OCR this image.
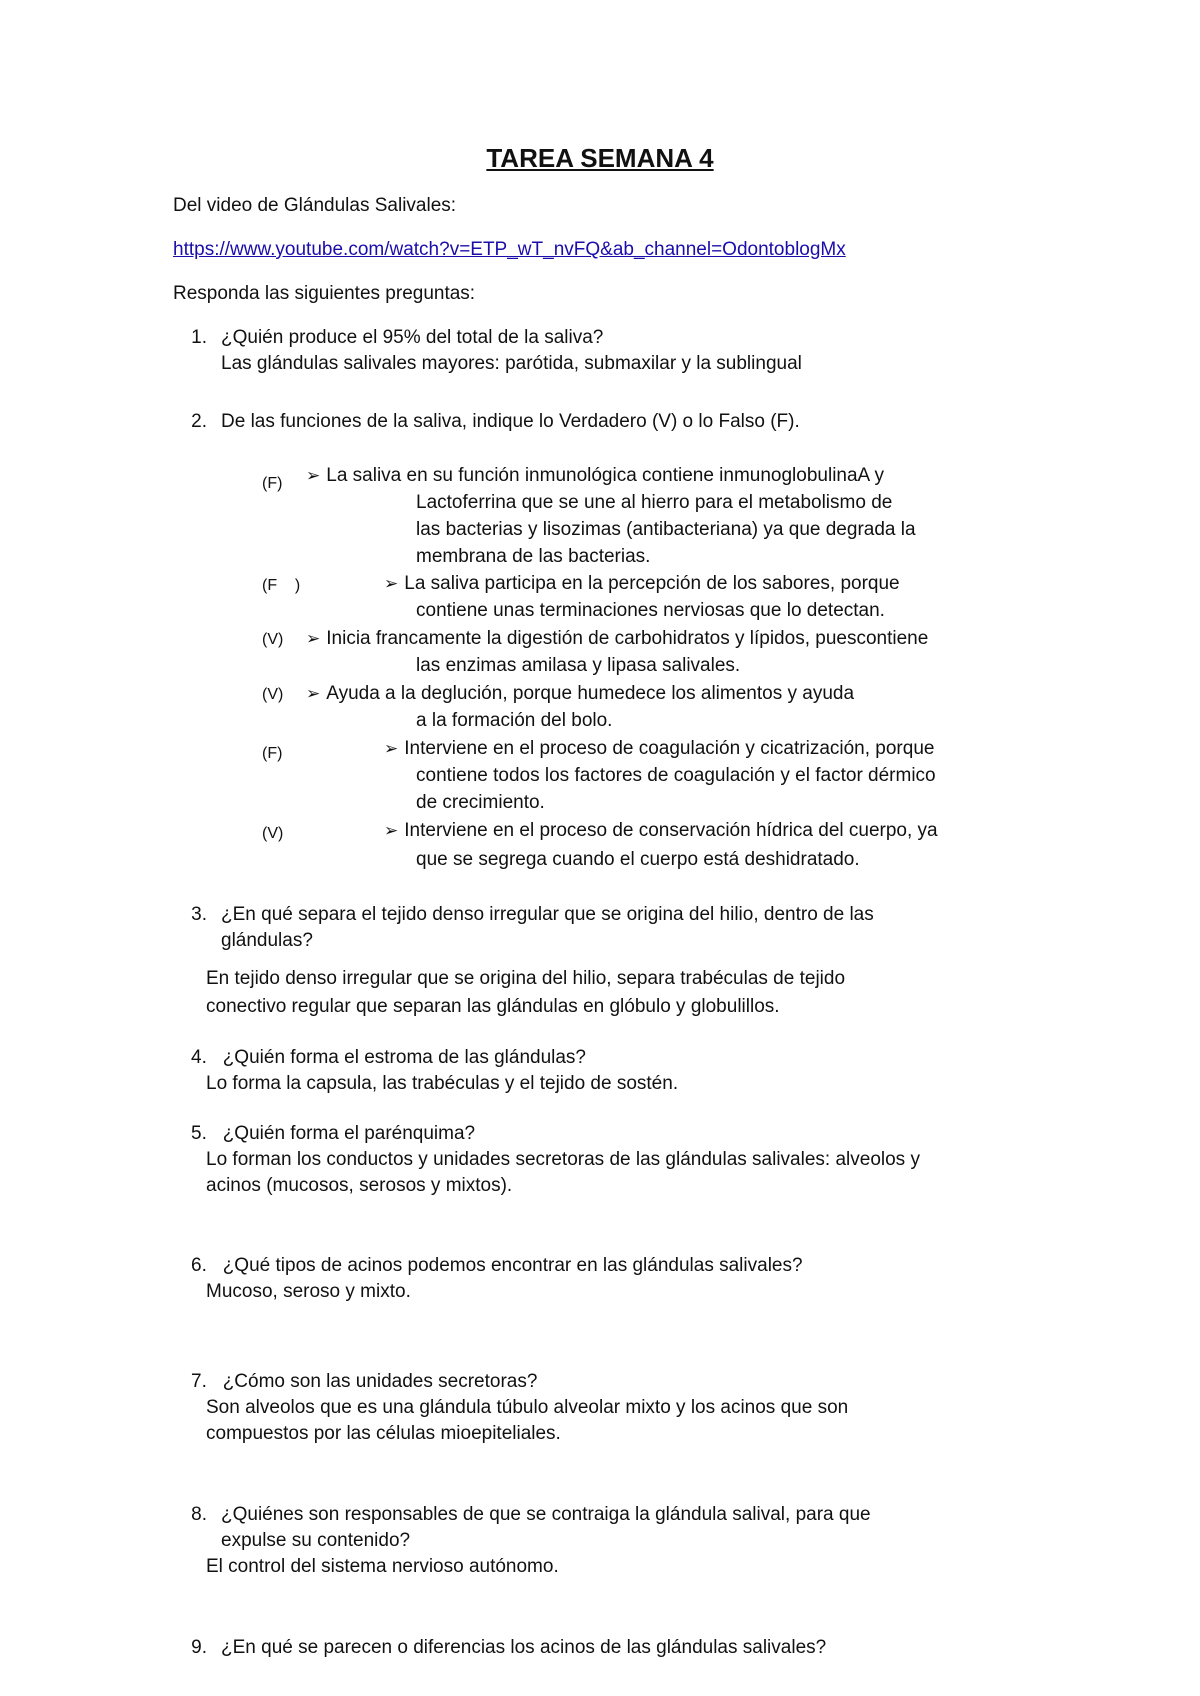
TAREA SEMANA 4
Del video de Glándulas Salivales:
https://www.youtube.com/watch?v=ETP_wT_nvFQ&ab_channel=OdontoblogMx
Responda las siguientes preguntas:
1. ¿Quién produce el 95% del total de la saliva?
Las glándulas salivales mayores: parótida, submaxilar y la sublingual
2. De las funciones de la saliva, indique lo Verdadero (V) o lo Falso (F).
(F) ➢ La saliva en su función inmunológica contiene inmunoglobulinaA y
Lactoferrina que se une al hierro para el metabolismo de
las bacterias y lisozimas (antibacteriana) ya que degrada la
membrana de las bacterias.
(F    )	➢ La saliva participa en la percepción de los sabores, porque
contiene unas terminaciones nerviosas que lo detectan.
(V) ➢ Inicia francamente la digestión de carbohidratos y lípidos, puescontiene
las enzimas amilasa y lipasa salivales.
(V) ➢ Ayuda a la deglución, porque humedece los alimentos y ayuda
a la formación del bolo.
(F)	➢ Interviene en el proceso de coagulación y cicatrización, porque
contiene todos los factores de coagulación y el factor dérmico
de crecimiento.
(V)	➢ Interviene en el proceso de conservación hídrica del cuerpo, ya
que se segrega cuando el cuerpo está deshidratado.
3. ¿En qué separa el tejido denso irregular que se origina del hilio, dentro de las
glándulas?
En tejido denso irregular que se origina del hilio, separa trabéculas de tejido
conectivo regular que separan las glándulas en glóbulo y globulillos.
4. ¿Quién forma el estroma de las glándulas?
Lo forma la capsula, las trabéculas y el tejido de sostén.
5. ¿Quién forma el parénquima?
Lo forman los conductos y unidades secretoras de las glándulas salivales: alveolos y
acinos (mucosos, serosos y mixtos).
6. ¿Qué tipos de acinos podemos encontrar en las glándulas salivales?
Mucoso, seroso y mixto.
7. ¿Cómo son las unidades secretoras?
Son alveolos que es una glándula túbulo alveolar mixto y los acinos que son
compuestos por las células mioepiteliales.
8. ¿Quiénes son responsables de que se contraiga la glándula salival, para que
expulse su contenido?
El control del sistema nervioso autónomo.
9. ¿En qué se parecen o diferencias los acinos de las glándulas salivales?
